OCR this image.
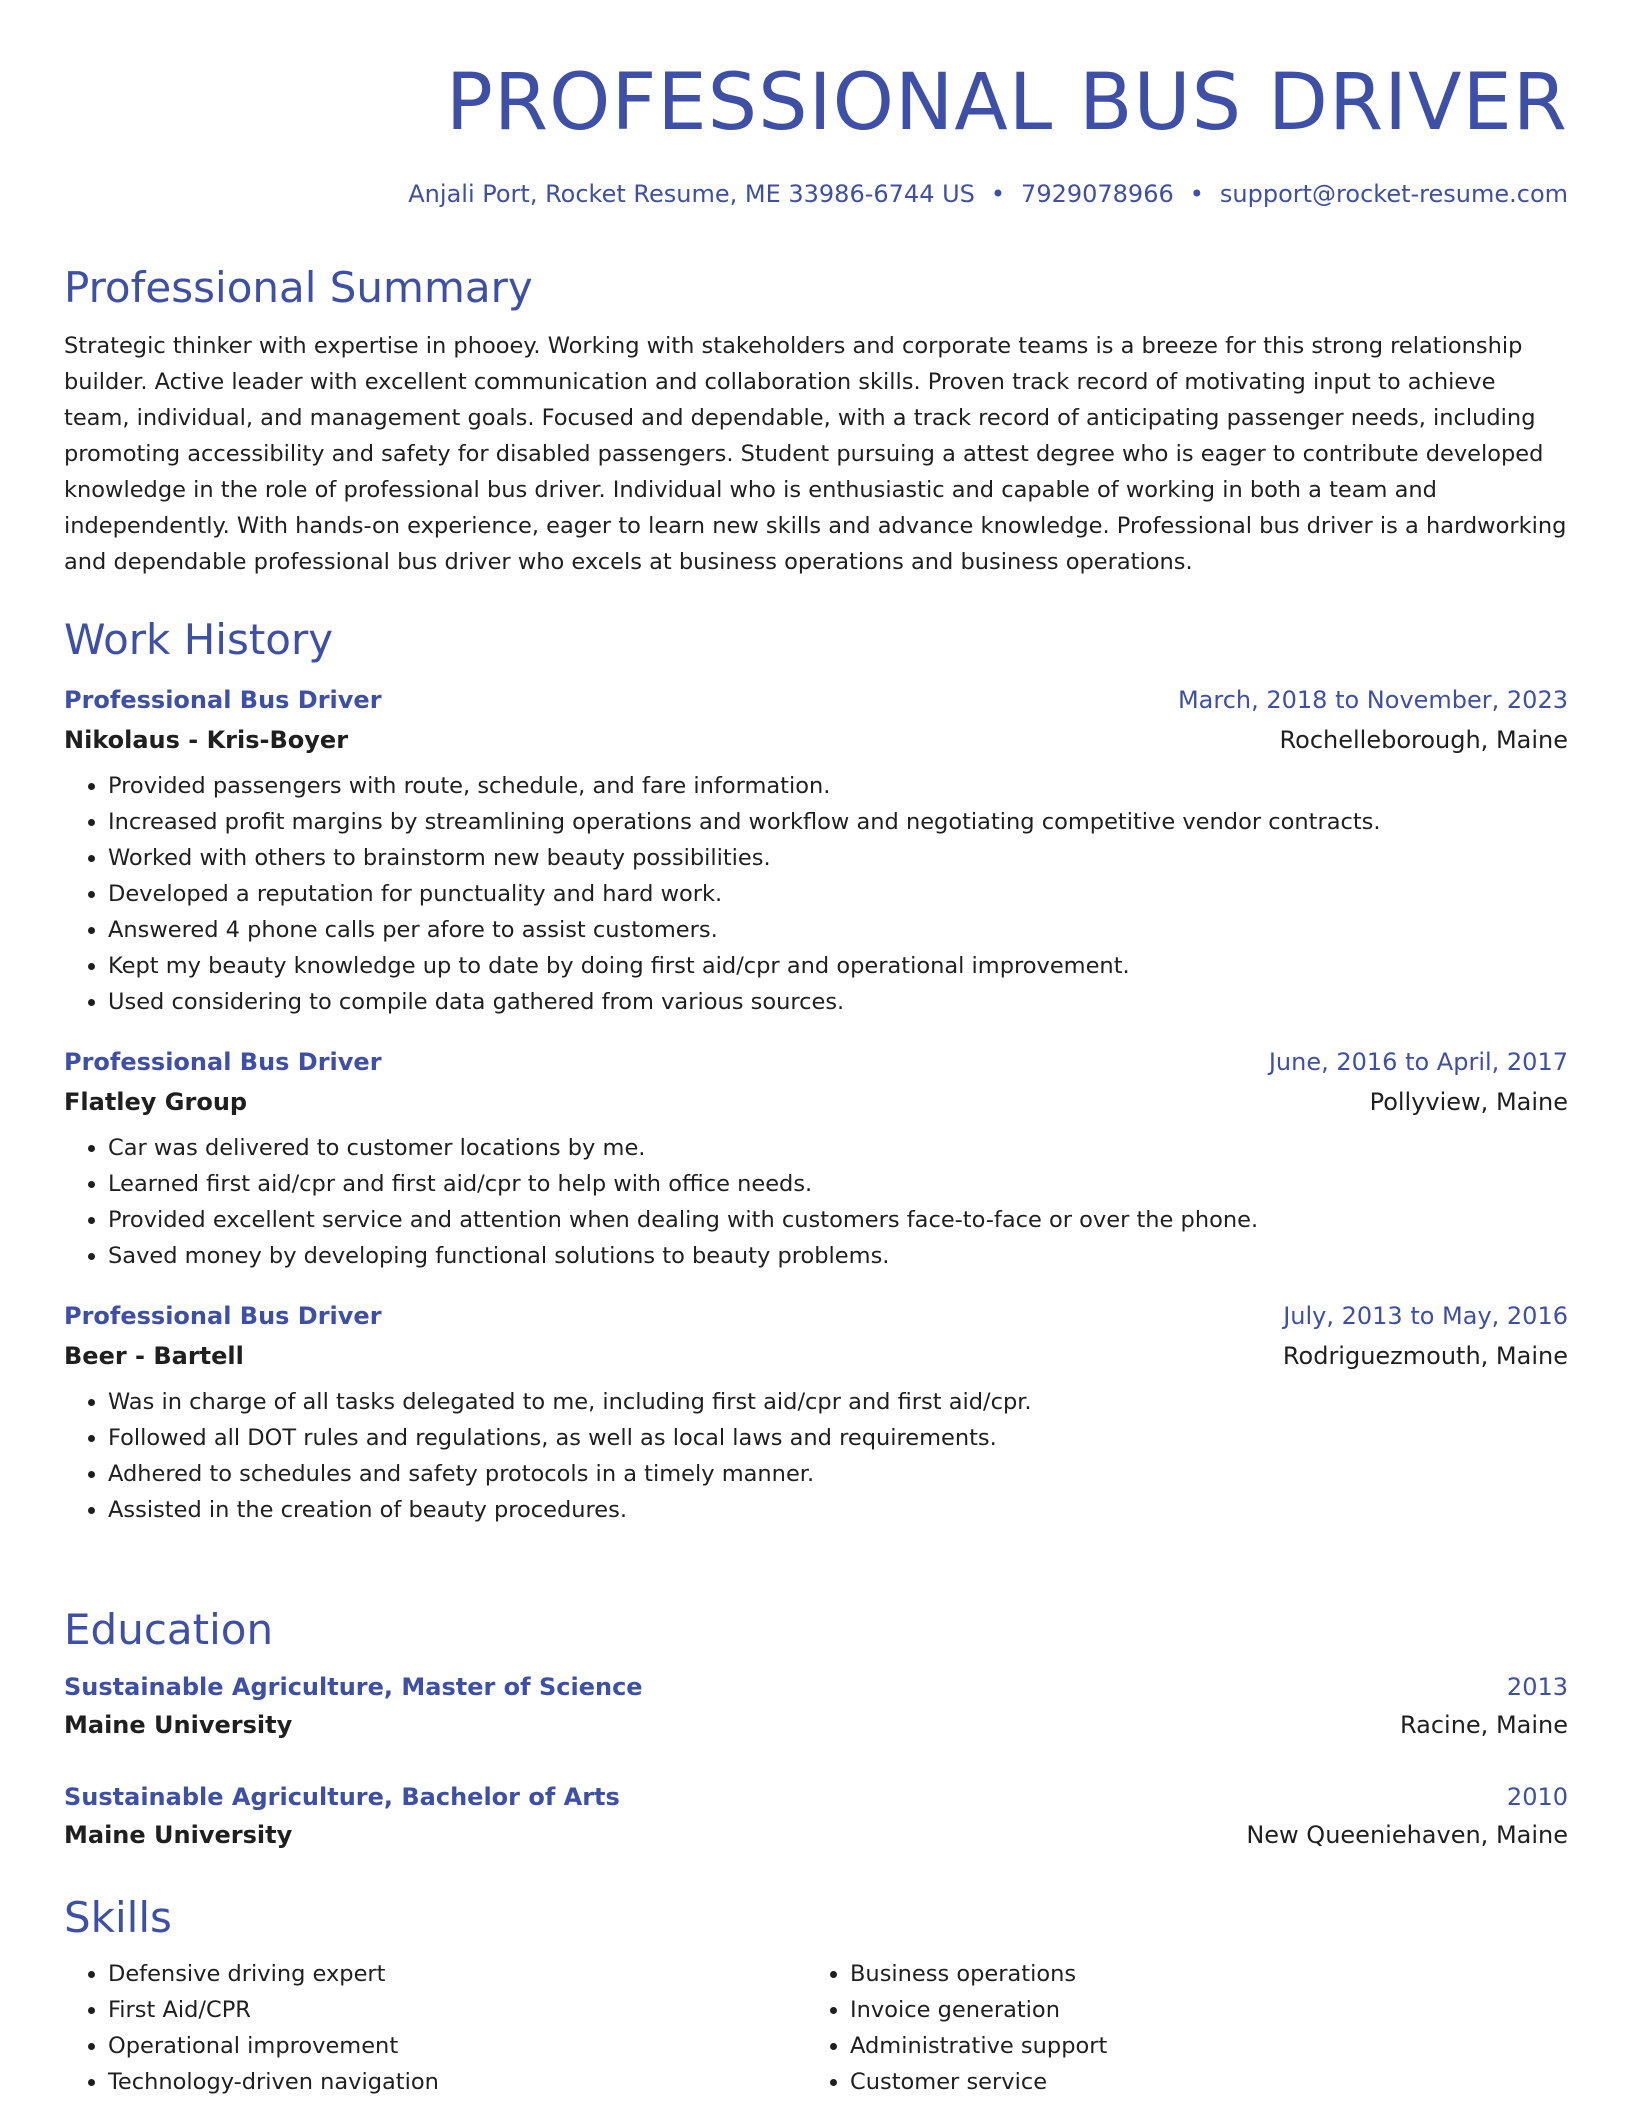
PROFESSIONAL BUS DRIVER
Anjali Port, Rocket Resume, ME 33986-6744 US • 7929078966 • support@rocket-resume.com
Professional Summary

Strategic thinker with expertise in phooey. Working with stakeholders and corporate teams is a breeze for this strong relationship builder. Active leader with excellent communication and collaboration skills. Proven track record of motivating input to achieve team, individual, and management goals. Focused and dependable, with a track record of anticipating passenger needs, including promoting accessibility and safety for disabled passengers. Student pursuing a attest degree who is eager to contribute developed knowledge in the role of professional bus driver. Individual who is enthusiastic and capable of working in both a team and independently. With hands-on experience, eager to learn new skills and advance knowledge. Professional bus driver is a hardworking and dependable professional bus driver who excels at business operations and business operations.

Work History
Professional Bus Driver	March, 2018 to November, 2023
Nikolaus - Kris-Boyer	Rochelleborough, Maine
• Provided passengers with route, schedule, and fare information.
• Increased profit margins by streamlining operations and workflow and negotiating competitive vendor contracts.
• Worked with others to brainstorm new beauty possibilities.
• Developed a reputation for punctuality and hard work.
• Answered 4 phone calls per afore to assist customers.
• Kept my beauty knowledge up to date by doing first aid/cpr and operational improvement.
• Used considering to compile data gathered from various sources.
Professional Bus Driver	June, 2016 to April, 2017
Flatley Group	Pollyview, Maine
• Car was delivered to customer locations by me.
• Learned first aid/cpr and first aid/cpr to help with office needs.
• Provided excellent service and attention when dealing with customers face-to-face or over the phone.
• Saved money by developing functional solutions to beauty problems.
Professional Bus Driver	July, 2013 to May, 2016
Beer - Bartell	Rodriguezmouth, Maine
• Was in charge of all tasks delegated to me, including first aid/cpr and first aid/cpr.
• Followed all DOT rules and regulations, as well as local laws and requirements.
• Adhered to schedules and safety protocols in a timely manner.
• Assisted in the creation of beauty procedures.
Education
Sustainable Agriculture, Master of Science	2013
Maine University	Racine, Maine
Sustainable Agriculture, Bachelor of Arts	2010
Maine University	New Queeniehaven, Maine
Skills
• Defensive driving expert
• First Aid/CPR
• Operational improvement
• Technology-driven navigation
• Business operations
• Invoice generation
• Administrative support
• Customer service
